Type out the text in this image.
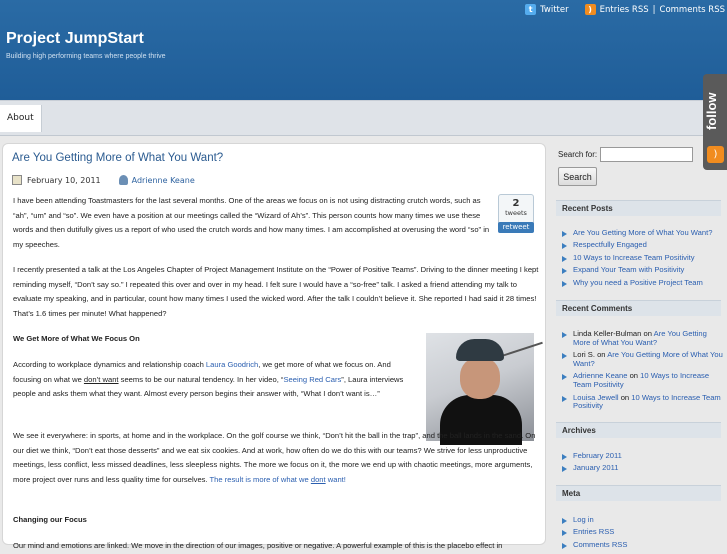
t Twitter	) Entries RSS | Comments RSS
Project JumpStart
Building high performing teams where people thrive
About	follow
)
Are You Getting More of What You Want?
February 10, 2011	Adrienne Keane
2
tweets
retweet
I have been attending Toastmasters for the last several months. One of the areas we focus on is not using distracting crutch words, such as “ah”, “um” and “so”. We even have a position at our meetings called the “Wizard of Ah’s”. This person counts how many times we use these words and then dutifully gives us a report of who used the crutch words and how many times. I am accomplished at overusing the word “so” in my speeches.
I recently presented a talk at the Los Angeles Chapter of Project Management Institute on the “Power of Positive Teams”. Driving to the dinner meeting I kept reminding myself, “Don’t say so.” I repeated this over and over in my head. I felt sure I would have a “so-free” talk. I asked a friend attending my talk to evaluate my speaking, and in particular, count how many times I used the wicked word. After the talk I couldn’t believe it. She reported I had said it 28 times! That’s 1.6 times per minute! What happened?
We Get More of What We Focus On
According to workplace dynamics and relationship coach Laura Goodrich, we get more of what we focus on. And focusing on what we don’t want seems to be our natural tendency. In her video, “Seeing Red Cars”, Laura interviews people and asks them what they want. Almost every person begins their answer with, “What I don’t want is…”
We see it everywhere: in sports, at home and in the workplace. On the golf course we think, “Don’t hit the ball in the trap”, and the ball lands in the sand. On our diet we think, “Don’t eat those desserts” and we eat six cookies. And at work, how often do we do this with our teams? We strive for less unproductive meetings, less conflict, less missed deadlines, less sleepless nights. The more we focus on it, the more we end up with chaotic meetings, more arguments, more project over runs and less quality time for ourselves. The result is more of what we dont want!
Changing our Focus
Our mind and emotions are linked. We move in the direction of our images, positive or negative. A powerful example of this is the placebo effect in
Search for:
Search
Recent Posts
Are You Getting More of What You Want?
Respectfully Engaged
10 Ways to Increase Team Positivity
Expand Your Team with Positivity
Why you need a Positive Project Team
Recent Comments
Linda Keller-Bulman on Are You Getting More of What You Want?
Lori S. on Are You Getting More of What You Want?
Adrienne Keane on 10 Ways to Increase Team Positivity
Louisa Jewell on 10 Ways to Increase Team Positivity
Archives
February 2011
January 2011
Meta
Log in
Entries RSS
Comments RSS
